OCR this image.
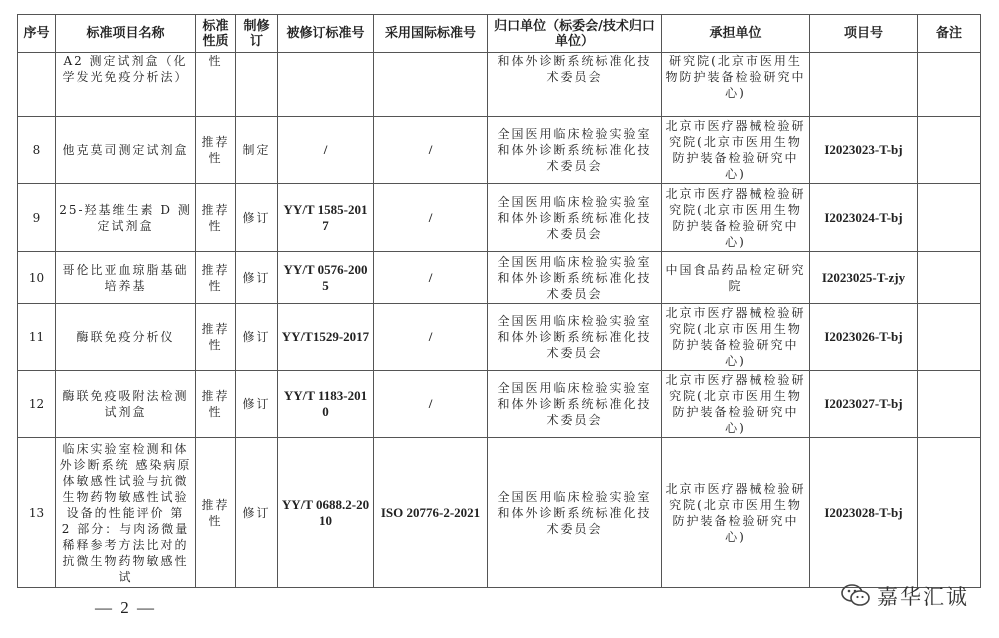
序号	标准项目名称	标准性质	制修订	被修订标准号	采用国际标准号	归口单位（标委会/技术归口单位）	承担单位	项目号	备注
	A2 测定试剂盒（化学发光免疫分析法）	性				和体外诊断系统标准化技术委员会	研究院(北京市医用生物防护装备检验研究中心)		
8	他克莫司测定试剂盒	推荐性	制定	/	/	全国医用临床检验实验室和体外诊断系统标准化技术委员会	北京市医疗器械检验研究院(北京市医用生物防护装备检验研究中心)	I2023023-T-bj	
9	25-羟基维生素 D 测定试剂盒	推荐性	修订	YY/T 1585-2017	/	全国医用临床检验实验室和体外诊断系统标准化技术委员会	北京市医疗器械检验研究院(北京市医用生物防护装备检验研究中心)	I2023024-T-bj	
10	哥伦比亚血琼脂基础培养基	推荐性	修订	YY/T 0576-2005	/	全国医用临床检验实验室和体外诊断系统标准化技术委员会	中国食品药品检定研究院	I2023025-T-zjy	
11	酶联免疫分析仪	推荐性	修订	YY/T1529-2017	/	全国医用临床检验实验室和体外诊断系统标准化技术委员会	北京市医疗器械检验研究院(北京市医用生物防护装备检验研究中心)	I2023026-T-bj	
12	酶联免疫吸附法检测试剂盒	推荐性	修订	YY/T 1183-2010	/	全国医用临床检验实验室和体外诊断系统标准化技术委员会	北京市医疗器械检验研究院(北京市医用生物防护装备检验研究中心)	I2023027-T-bj	
13	临床实验室检测和体外诊断系统 感染病原体敏感性试验与抗微生物药物敏感性试验设备的性能评价 第 2 部分：与肉汤微量稀释参考方法比对的抗微生物药物敏感性试	推荐性	修订	YY/T 0688.2-2010	ISO 20776-2-2021	全国医用临床检验实验室和体外诊断系统标准化技术委员会	北京市医疗器械检验研究院(北京市医用生物防护装备检验研究中心)	I2023028-T-bj	
— 2 —	嘉华汇诚
